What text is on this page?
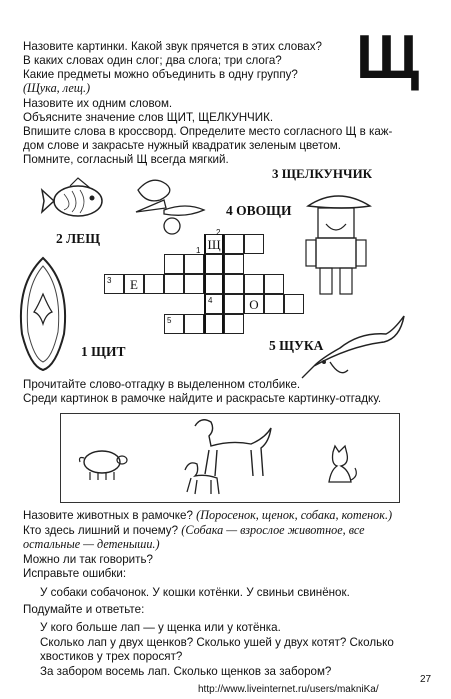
Щ
Назовите картинки. Какой звук прячется в этих словах?
В каких словах один слог; два слога; три слога?
Какие предметы можно объединить в одну группу?
(Щука, лещ.)
Назовите их одним словом.
Объясните значение слов ЩИТ, ЩЕЛКУНЧИК.
Впишите слова в кроссворд. Определите место согласного Щ в каж-
дом слове и закрасьте нужный квадратик зеленым цветом.
Помните, согласный Щ всегда мягкий.
3 ЩЕЛКУНЧИК
4 ОВОЩИ
2 ЛЕЩ
1 ЩИТ	5 ЩУКА
Щ
4
3	Е
О
5
1
2
Прочитайте слово-отгадку в выделенном столбике.
Среди картинок в рамочке найдите и раскрасьте картинку-отгадку.
Назовите животных в рамочке? (Поросенок, щенок, собака, котенок.)
Кто здесь лишний и почему? (Собака — взрослое животное, все
остальные — детеныши.)
Можно ли так говорить?
Исправьте ошибки:
У собаки собачонок. У кошки котёнки. У свиньи свинёнок.
Подумайте и ответьте:
У кого больше лап — у щенка или у котёнка.
Сколько лап у двух щенков? Сколько ушей у двух котят? Сколько
хвостиков у трех поросят?
За забором восемь лап. Сколько щенков за забором?
27
http://www.liveinternet.ru/users/makniKa/
